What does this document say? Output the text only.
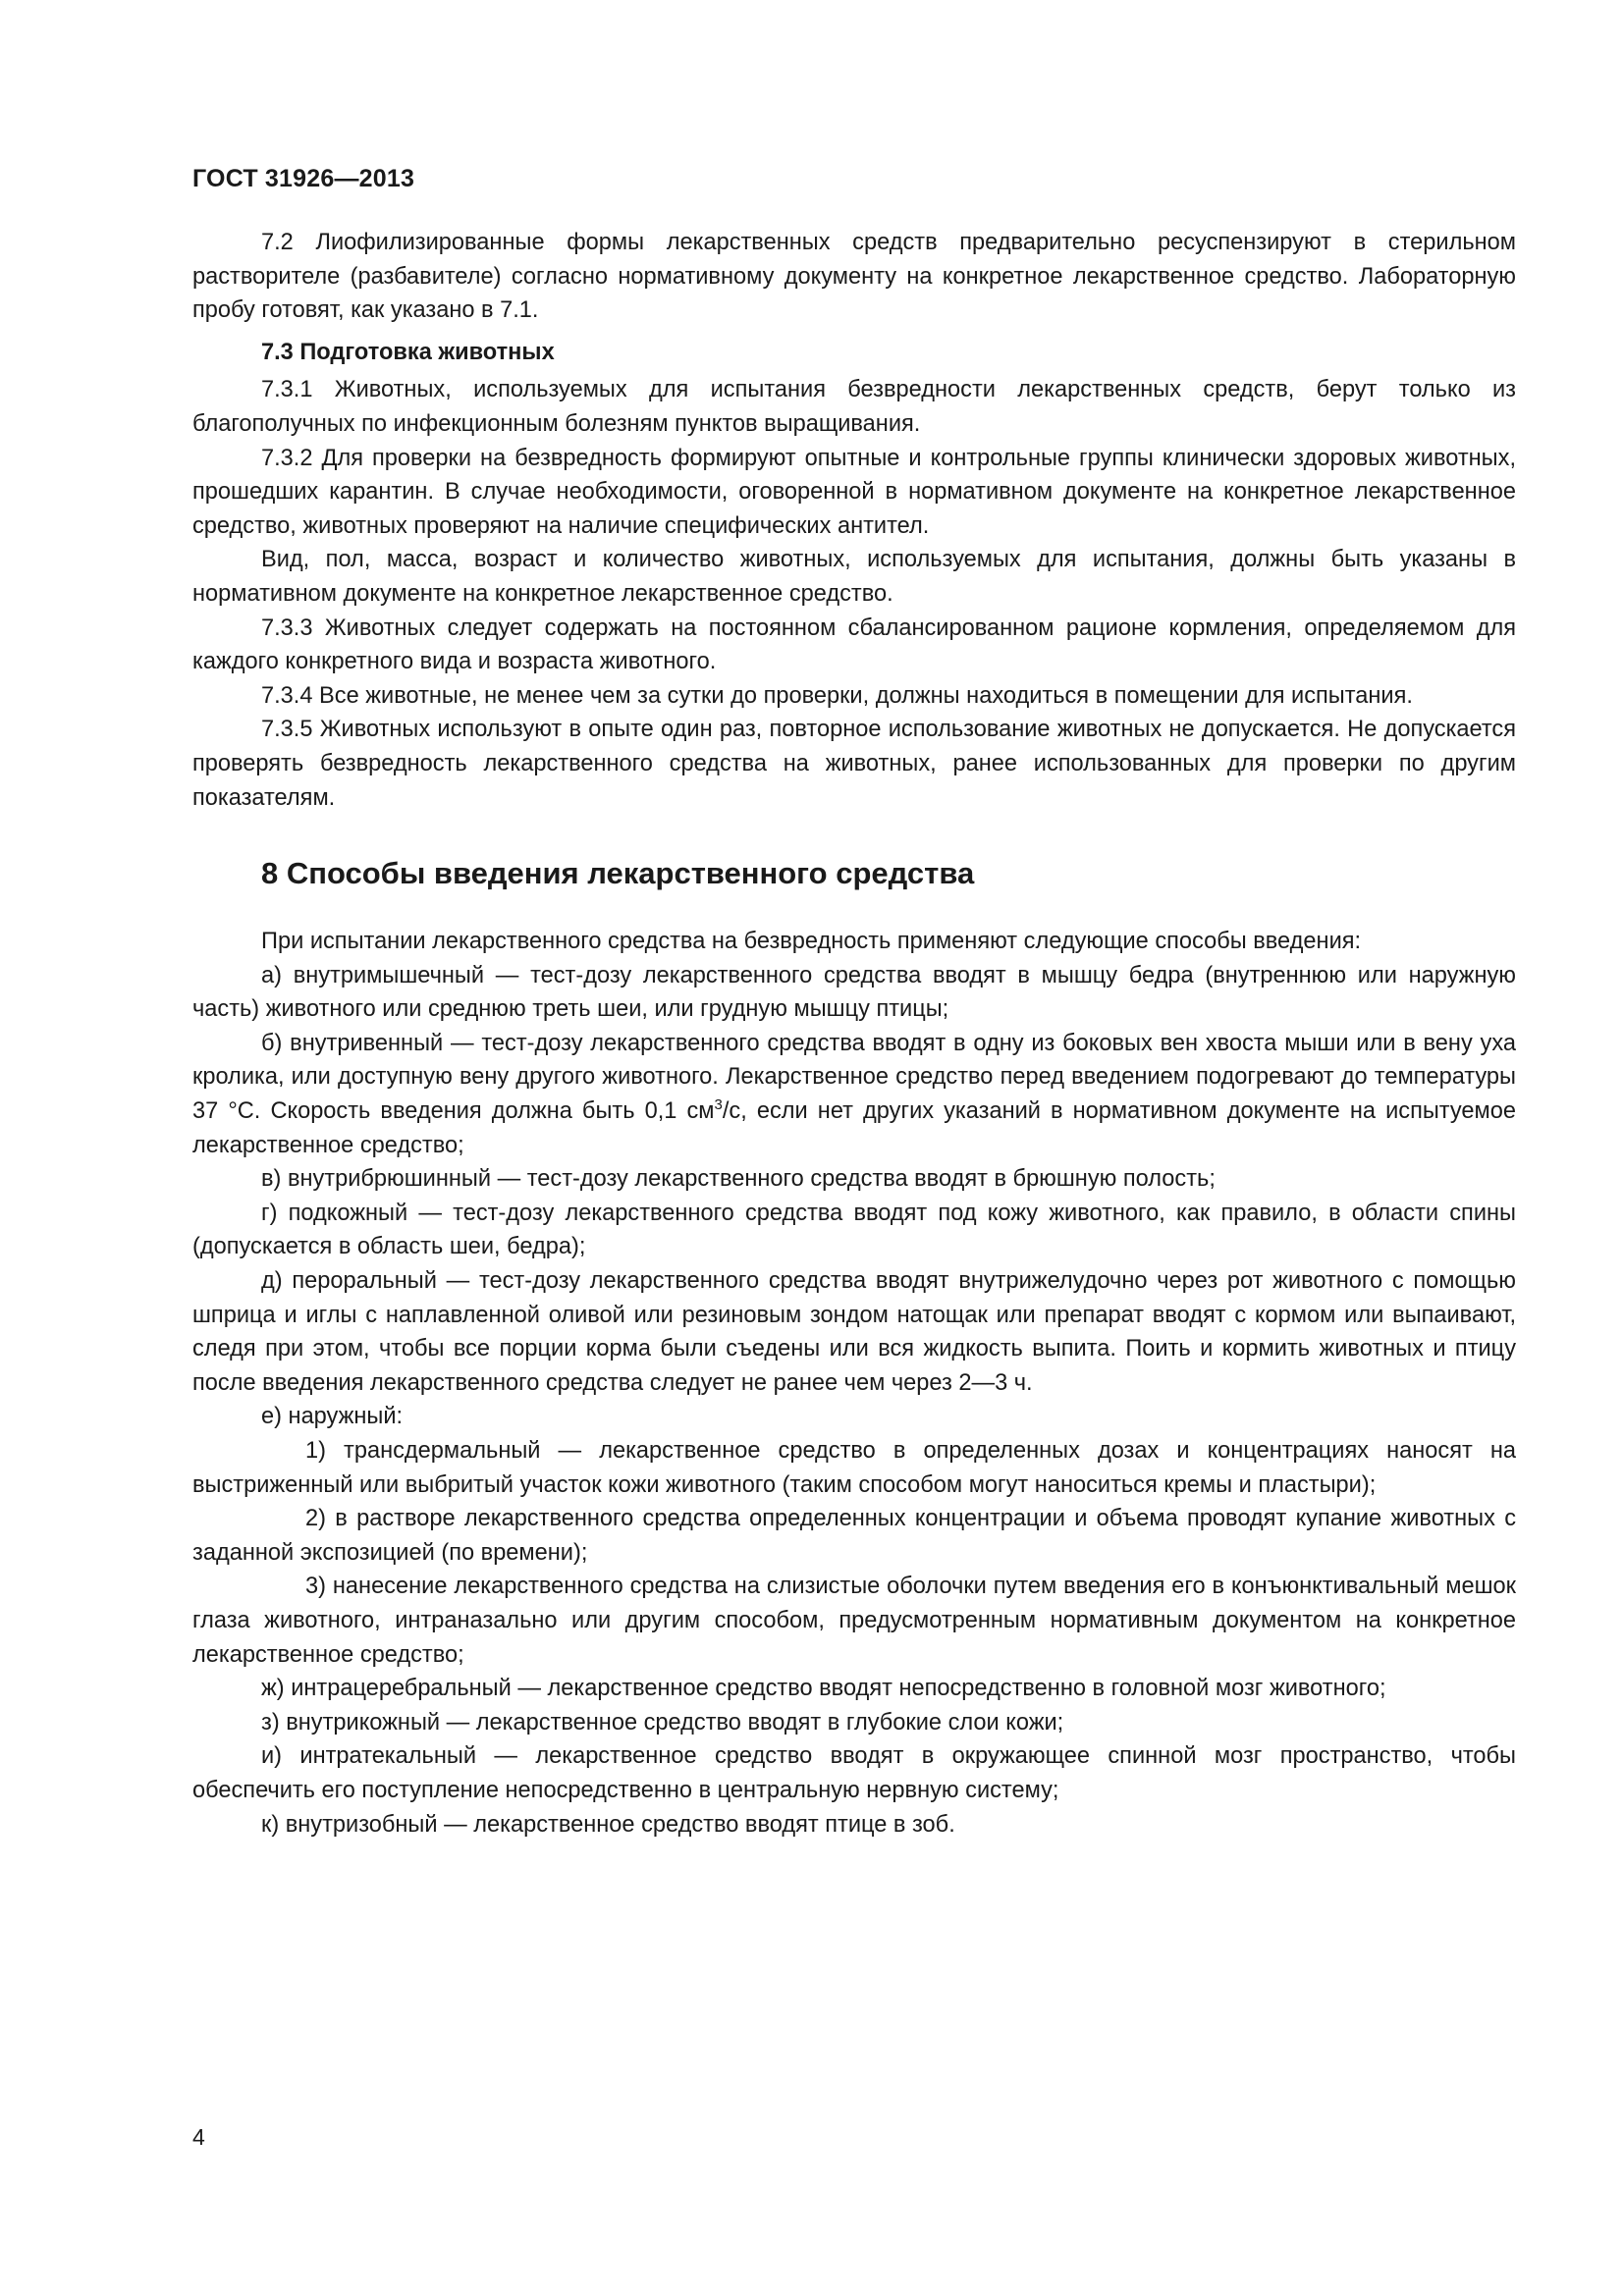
ГОСТ 31926—2013

7.2 Лиофилизированные формы лекарственных средств предварительно ресуспензируют в стерильном растворителе (разбавителе) согласно нормативному документу на конкретное лекарственное средство. Лабораторную пробу готовят, как указано в 7.1.

7.3 Подготовка животных

7.3.1 Животных, используемых для испытания безвредности лекарственных средств, берут только из благополучных по инфекционным болезням пунктов выращивания.

7.3.2 Для проверки на безвредность формируют опытные и контрольные группы клинически здоровых животных, прошедших карантин. В случае необходимости, оговоренной в нормативном документе на конкретное лекарственное средство, животных проверяют на наличие специфических антител.

Вид, пол, масса, возраст и количество животных, используемых для испытания, должны быть указаны в нормативном документе на конкретное лекарственное средство.

7.3.3 Животных следует содержать на постоянном сбалансированном рационе кормления, определяемом для каждого конкретного вида и возраста животного.

7.3.4 Все животные, не менее чем за сутки до проверки, должны находиться в помещении для испытания.

7.3.5 Животных используют в опыте один раз, повторное использование животных не допускается. Не допускается проверять безвредность лекарственного средства на животных, ранее использованных для проверки по другим показателям.

8 Способы введения лекарственного средства

При испытании лекарственного средства на безвредность применяют следующие способы введения:

а) внутримышечный — тест-дозу лекарственного средства вводят в мышцу бедра (внутреннюю или наружную часть) животного или среднюю треть шеи, или грудную мышцу птицы;

б) внутривенный — тест-дозу лекарственного средства вводят в одну из боковых вен хвоста мыши или в вену уха кролика, или доступную вену другого животного. Лекарственное средство перед введением подогревают до температуры 37 °С. Скорость введения должна быть 0,1 $см^3/с$, если нет других указаний в нормативном документе на испытуемое лекарственное средство;

в) внутрибрюшинный — тест-дозу лекарственного средства вводят в брюшную полость;

г) подкожный — тест-дозу лекарственного средства вводят под кожу животного, как правило, в области спины (допускается в область шеи, бедра);

д) пероральный — тест-дозу лекарственного средства вводят внутрижелудочно через рот животного с помощью шприца и иглы с наплавленной оливой или резиновым зондом натощак или препарат вводят с кормом или выпаивают, следя при этом, чтобы все порции корма были съедены или вся жидкость выпита. Поить и кормить животных и птицу после введения лекарственного средства следует не ранее чем через 2—3 ч.

е) наружный:

1) трансдермальный — лекарственное средство в определенных дозах и концентрациях наносят на выстриженный или выбритый участок кожи животного (таким способом могут наноситься кремы и пластыри);

2) в растворе лекарственного средства определенных концентрации и объема проводят купание животных с заданной экспозицией (по времени);

3) нанесение лекарственного средства на слизистые оболочки путем введения его в конъюнктивальный мешок глаза животного, интраназально или другим способом, предусмотренным нормативным документом на конкретное лекарственное средство;

ж) интрацеребральный — лекарственное средство вводят непосредственно в головной мозг животного;

з) внутрикожный — лекарственное средство вводят в глубокие слои кожи;

и) интратекальный — лекарственное средство вводят в окружающее спинной мозг пространство, чтобы обеспечить его поступление непосредственно в центральную нервную систему;

к) внутризобный — лекарственное средство вводят птице в зоб.

4
